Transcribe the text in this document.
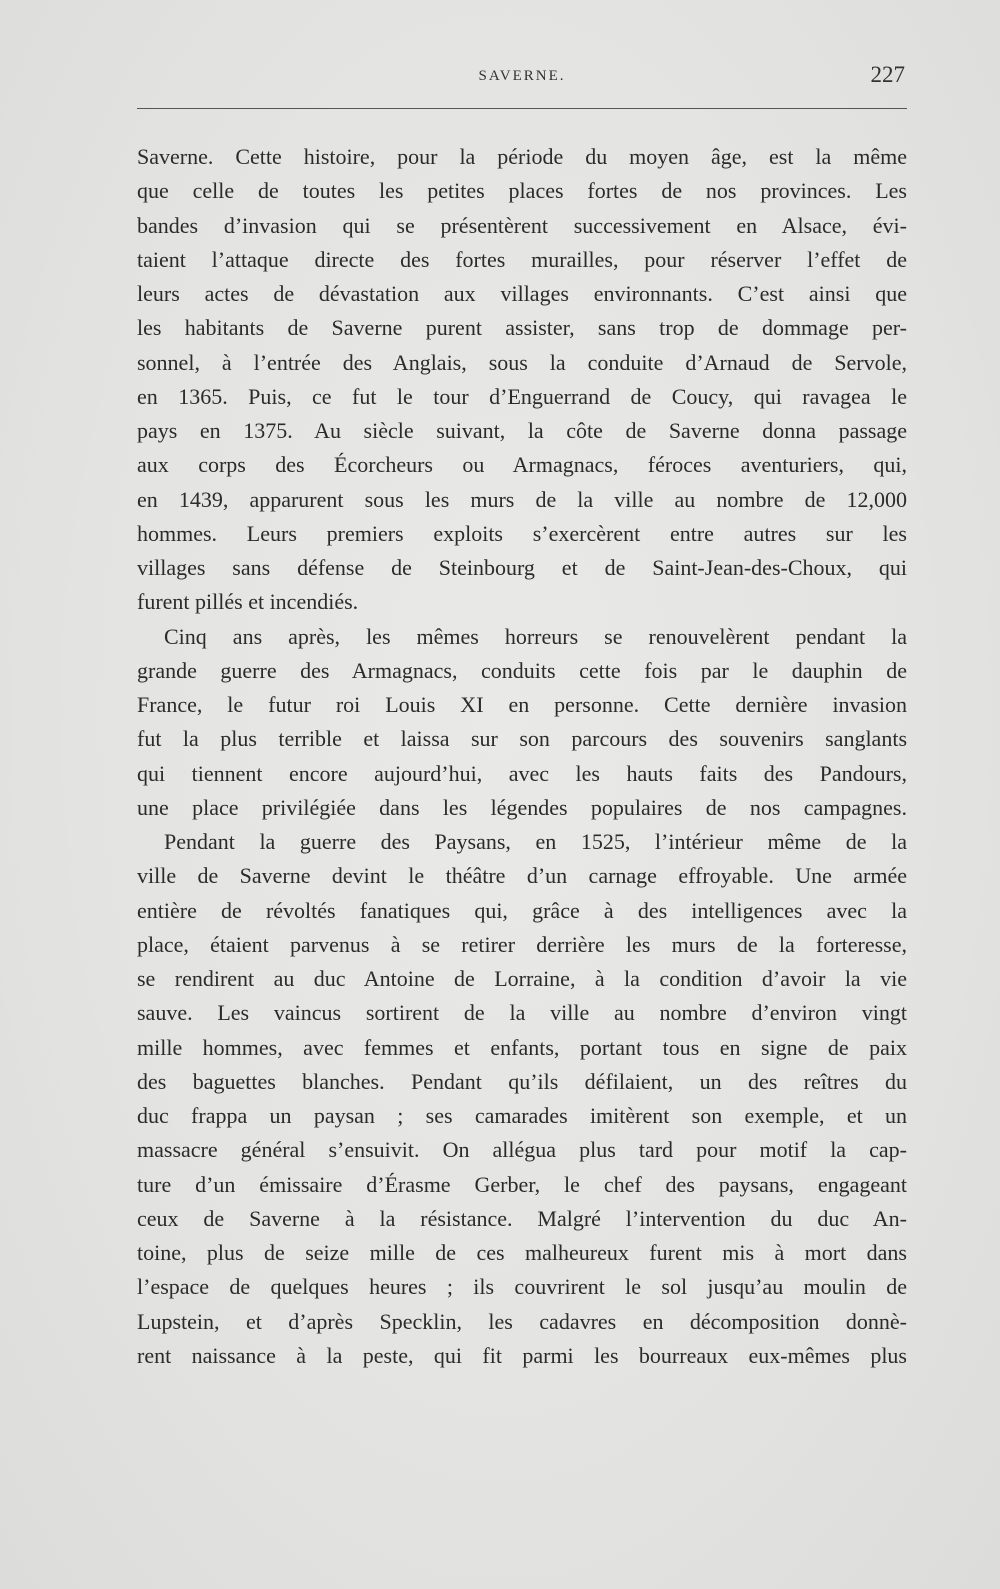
SAVERNE.	227
Saverne. Cette histoire, pour la période du moyen âge, est la même
que celle de toutes les petites places fortes de nos provinces. Les
bandes d’invasion qui se présentèrent successivement en Alsace, évi-
taient l’attaque directe des fortes murailles, pour réserver l’effet de
leurs actes de dévastation aux villages environnants. C’est ainsi que
les habitants de Saverne purent assister, sans trop de dommage per-
sonnel, à l’entrée des Anglais, sous la conduite d’Arnaud de Servole,
en 1365. Puis, ce fut le tour d’Enguerrand de Coucy, qui ravagea le
pays en 1375. Au siècle suivant, la côte de Saverne donna passage
aux corps des Écorcheurs ou Armagnacs, féroces aventuriers, qui,
en 1439, apparurent sous les murs de la ville au nombre de 12,000
hommes. Leurs premiers exploits s’exercèrent entre autres sur les
villages sans défense de Steinbourg et de Saint-Jean-des-Choux, qui
furent pillés et incendiés.
Cinq ans après, les mêmes horreurs se renouvelèrent pendant la
grande guerre des Armagnacs, conduits cette fois par le dauphin de
France, le futur roi Louis XI en personne. Cette dernière invasion
fut la plus terrible et laissa sur son parcours des souvenirs sanglants
qui tiennent encore aujourd’hui, avec les hauts faits des Pandours,
une place privilégiée dans les légendes populaires de nos campagnes.
Pendant la guerre des Paysans, en 1525, l’intérieur même de la
ville de Saverne devint le théâtre d’un carnage effroyable. Une armée
entière de révoltés fanatiques qui, grâce à des intelligences avec la
place, étaient parvenus à se retirer derrière les murs de la forteresse,
se rendirent au duc Antoine de Lorraine, à la condition d’avoir la vie
sauve. Les vaincus sortirent de la ville au nombre d’environ vingt
mille hommes, avec femmes et enfants, portant tous en signe de paix
des baguettes blanches. Pendant qu’ils défilaient, un des reîtres du
duc frappa un paysan ; ses camarades imitèrent son exemple, et un
massacre général s’ensuivit. On allégua plus tard pour motif la cap-
ture d’un émissaire d’Érasme Gerber, le chef des paysans, engageant
ceux de Saverne à la résistance. Malgré l’intervention du duc An-
toine, plus de seize mille de ces malheureux furent mis à mort dans
l’espace de quelques heures ; ils couvrirent le sol jusqu’au moulin de
Lupstein, et d’après Specklin, les cadavres en décomposition donnè-
rent naissance à la peste, qui fit parmi les bourreaux eux-mêmes plus
